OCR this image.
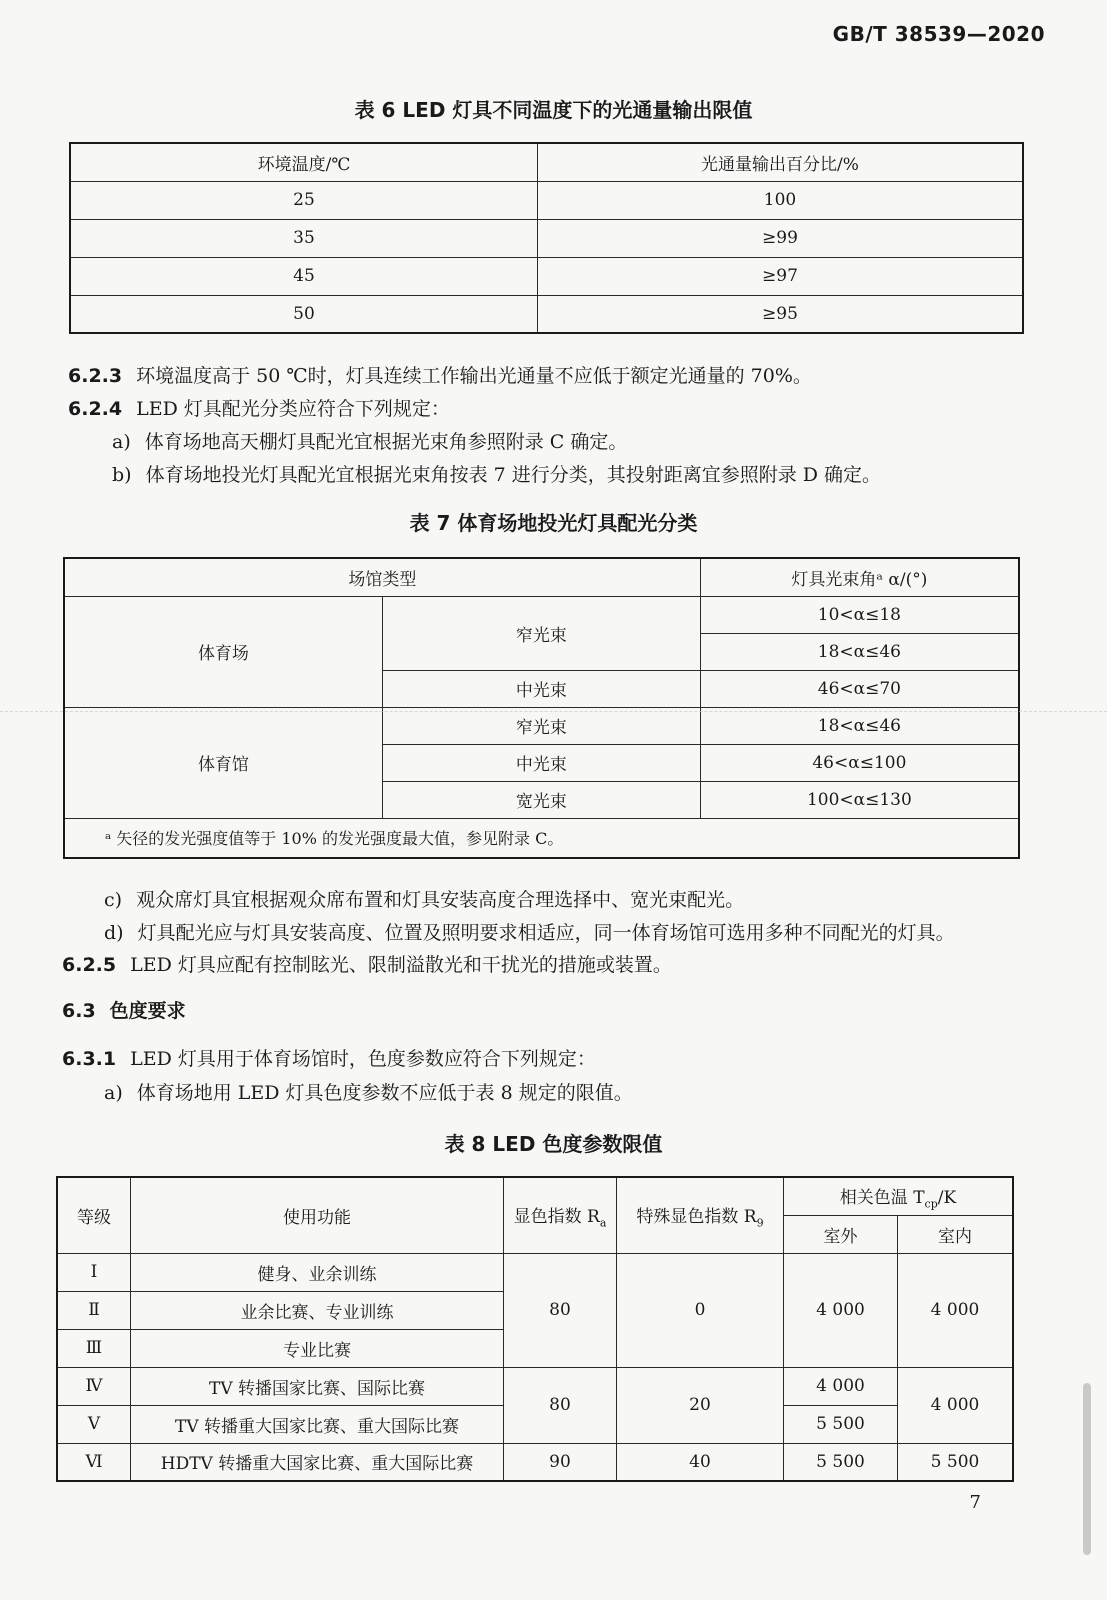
GB/T 38539—2020
表 6 LED 灯具不同温度下的光通量输出限值
环境温度/℃	光通量输出百分比/%
25	100
35	≥99
45	≥97
50	≥95
6.2.3 环境温度高于 50 ℃时，灯具连续工作输出光通量不应低于额定光通量的 70%。
6.2.4 LED 灯具配光分类应符合下列规定：
a) 体育场地高天棚灯具配光宜根据光束角参照附录 C 确定。
b) 体育场地投光灯具配光宜根据光束角按表 7 进行分类，其投射距离宜参照附录 D 确定。
表 7 体育场地投光灯具配光分类
场馆类型		灯具光束角ᵃ α/(°)
体育场	窄光束	10<α≤18
		18<α≤46
	中光束	46<α≤70
体育馆	窄光束	18<α≤46
	中光束	46<α≤100
	宽光束	100<α≤130
ᵃ 矢径的发光强度值等于 10% 的发光强度最大值，参见附录 C。		
c) 观众席灯具宜根据观众席布置和灯具安装高度合理选择中、宽光束配光。
d) 灯具配光应与灯具安装高度、位置及照明要求相适应，同一体育场馆可选用多种不同配光的灯具。
6.2.5 LED 灯具应配有控制眩光、限制溢散光和干扰光的措施或装置。
6.3 色度要求
6.3.1 LED 灯具用于体育场馆时，色度参数应符合下列规定：
a) 体育场地用 LED 灯具色度参数不应低于表 8 规定的限值。
表 8 LED 色度参数限值
等级	使用功能	显色指数 $R_a$	特殊显色指数 $R_9$	相关色温 $T_{cp}/K$	
				室外	室内
Ⅰ	健身、业余训练	80	0	4 000	4 000
Ⅱ	业余比赛、专业训练				
Ⅲ	专业比赛				
Ⅳ	TV 转播国家比赛、国际比赛	80	20	4 000	4 000
Ⅴ	TV 转播重大国家比赛、重大国际比赛			5 500	
Ⅵ	HDTV 转播重大国家比赛、重大国际比赛	90	40	5 500	5 500
7
